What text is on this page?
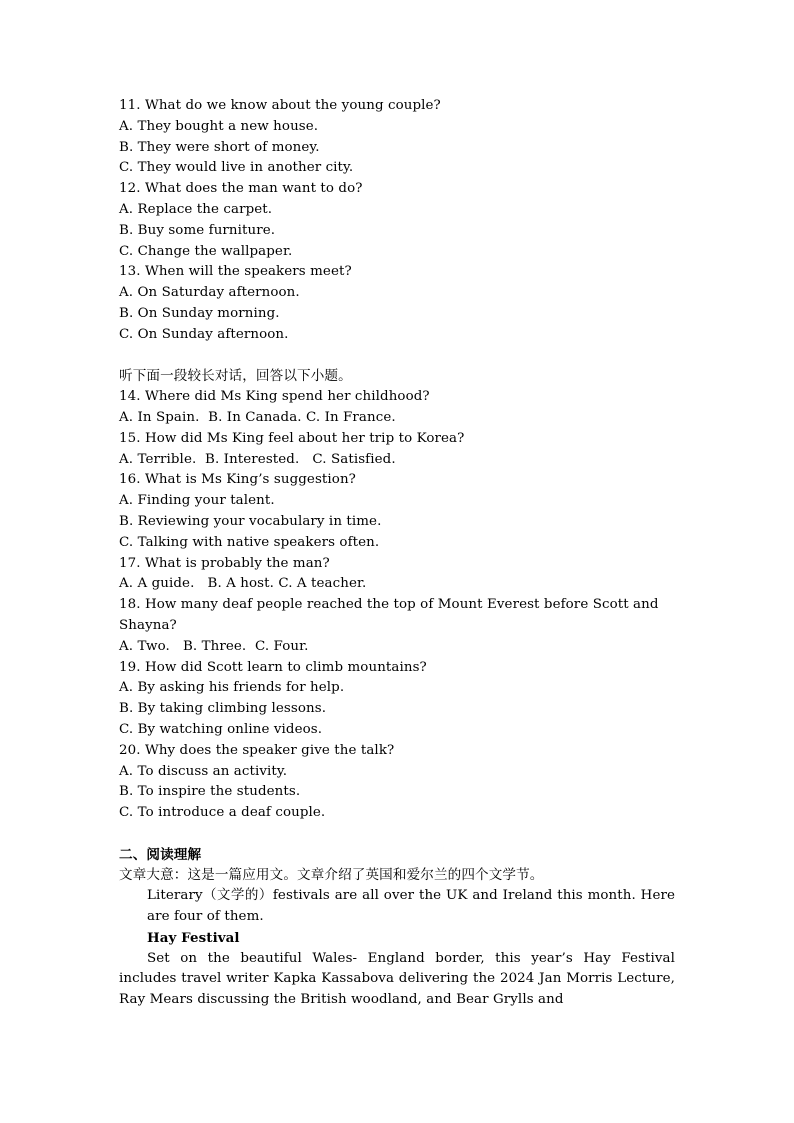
11. What do we know about the young couple?
A. They bought a new house.
B. They were short of money.
C. They would live in another city.
12. What does the man want to do?
A. Replace the carpet.
B. Buy some furniture.
C. Change the wallpaper.
13. When will the speakers meet?
A. On Saturday afternoon.
B. On Sunday morning.
C. On Sunday afternoon.
听下面一段较长对话，回答以下小题。
14. Where did Ms King spend her childhood?
A. In Spain.  B. In Canada. C. In France.
15. How did Ms King feel about her trip to Korea?
A. Terrible.  B. Interested.   C. Satisfied.
16. What is Ms King’s suggestion?
A. Finding your talent.
B. Reviewing your vocabulary in time.
C. Talking with native speakers often.
17. What is probably the man?
A. A guide.   B. A host. C. A teacher.
18. How many deaf people reached the top of Mount Everest before Scott and Shayna?
A. Two.   B. Three.  C. Four.
19. How did Scott learn to climb mountains?
A. By asking his friends for help.
B. By taking climbing lessons.
C. By watching online videos.
20. Why does the speaker give the talk?
A. To discuss an activity.
B. To inspire the students.
C. To introduce a deaf couple.
二、阅读理解
文章大意：这是一篇应用文。文章介绍了英国和爱尔兰的四个文学节。
Literary（文学的）festivals are all over the UK and Ireland this month. Here are four of them.
Hay Festival
Set on the beautiful Wales- England border, this year’s Hay Festival includes travel writer Kapka Kassabova delivering the 2024 Jan Morris Lecture, Ray Mears discussing the British woodland, and Bear Grylls and
